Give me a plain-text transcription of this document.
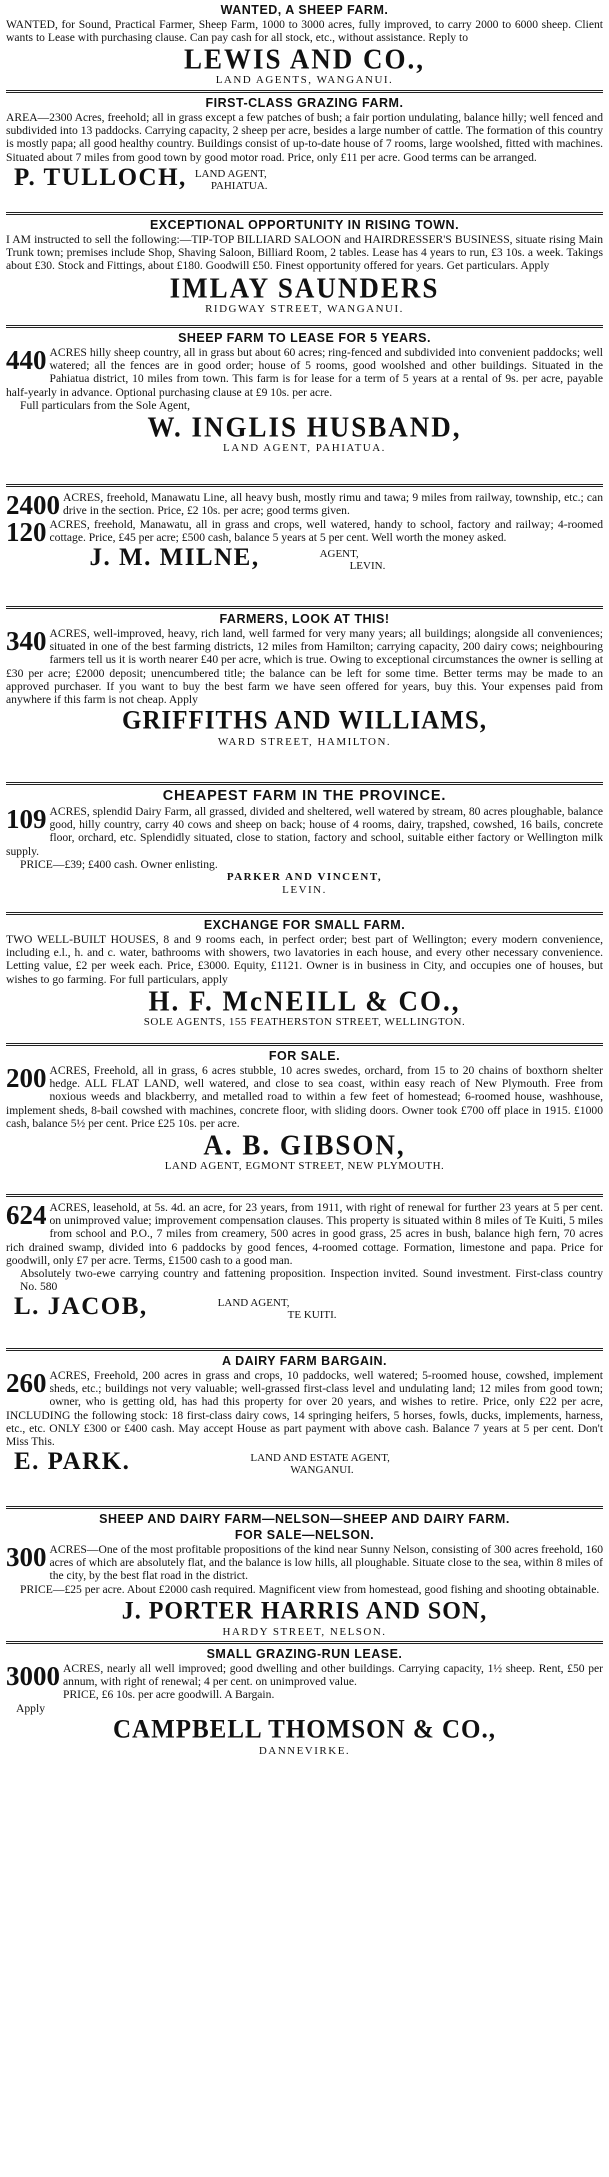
WANTED, A SHEEP FARM.
WANTED, for Sound, Practical Farmer, Sheep Farm, 1000 to 3000 acres, fully improved, to carry 2000 to 6000 sheep. Client wants to Lease with purchasing clause. Can pay cash for all stock, etc., without assistance. Reply to
LEWIS AND CO.,
LAND AGENTS, WANGANUI.
FIRST-CLASS GRAZING FARM.
AREA—2300 Acres, freehold; all in grass except a few patches of bush; a fair portion undulating, balance hilly; well fenced and subdivided into 13 paddocks. Carrying capacity, 2 sheep per acre, besides a large number of cattle. The formation of this country is mostly papa; all good healthy country. Buildings consist of up-to-date house of 7 rooms, large woolshed, fitted with machines. Situated about 7 miles from good town by good motor road. Price, only £11 per acre. Good terms can be arranged.
P. TULLOCH, LAND AGENT,
PAHIATUA.
EXCEPTIONAL OPPORTUNITY IN RISING TOWN.
I AM instructed to sell the following:—TIP-TOP BILLIARD SALOON and HAIRDRESSER'S BUSINESS, situate rising Main Trunk town; premises include Shop, Shaving Saloon, Billiard Room, 2 tables. Lease has 4 years to run, £3 10s. a week. Takings about £30. Stock and Fittings, about £180. Goodwill £50. Finest opportunity offered for years. Get particulars. Apply
IMLAY SAUNDERS
RIDGWAY STREET, WANGANUI.
SHEEP FARM TO LEASE FOR 5 YEARS.
440 ACRES hilly sheep country, all in grass but about 60 acres; ring-fenced and subdivided into convenient paddocks; well watered; all the fences are in good order; house of 5 rooms, good woolshed and other buildings. Situated in the Pahiatua district, 10 miles from town. This farm is for lease for a term of 5 years at a rental of 9s. per acre, payable half-yearly in advance. Optional purchasing clause at £9 10s. per acre.

Full particulars from the Sole Agent,

W. INGLIS HUSBAND,
LAND AGENT, PAHIATUA.
2400 ACRES, freehold, Manawatu Line, all heavy bush, mostly rimu and tawa; 9 miles from railway, township, etc.; can drive in the section. Price, £2 10s. per acre; good terms given.
120 ACRES, freehold, Manawatu, all in grass and crops, well watered, handy to school, factory and railway; 4-roomed cottage. Price, £45 per acre; £500 cash, balance 5 years at 5 per cent. Well worth the money asked.
J. M. MILNE,	AGENT,
LEVIN.
FARMERS, LOOK AT THIS!
340 ACRES, well-improved, heavy, rich land, well farmed for very many years; all buildings; alongside all conveniences; situated in one of the best farming districts, 12 miles from Hamilton; carrying capacity, 200 dairy cows; neighbouring farmers tell us it is worth nearer £40 per acre, which is true. Owing to exceptional circumstances the owner is selling at £30 per acre; £2000 deposit; unencumbered title; the balance can be left for some time. Better terms may be made to an approved purchaser. If you want to buy the best farm we have seen offered for years, buy this. Your expenses paid from anywhere if this farm is not cheap. Apply
GRIFFITHS AND WILLIAMS,
WARD STREET, HAMILTON.
CHEAPEST FARM IN THE PROVINCE.
109 ACRES, splendid Dairy Farm, all grassed, divided and sheltered, well watered by stream, 80 acres ploughable, balance good, hilly country, carry 40 cows and sheep on back; house of 4 rooms, dairy, trapshed, cowshed, 16 bails, concrete floor, orchard, etc. Splendidly situated, close to station, factory and school, suitable either factory or Wellington milk supply.

PRICE—£39; £400 cash. Owner enlisting.

PARKER AND VINCENT,
LEVIN.
EXCHANGE FOR SMALL FARM.
TWO WELL-BUILT HOUSES, 8 and 9 rooms each, in perfect order; best part of Wellington; every modern convenience, including e.l., h. and c. water, bathrooms with showers, two lavatories in each house, and every other necessary convenience. Letting value, £2 per week each. Price, £3000. Equity, £1121. Owner is in business in City, and occupies one of houses, but wishes to go farming. For full particulars, apply
H. F. McNEILL & CO.,
SOLE AGENTS, 155 FEATHERSTON STREET, WELLINGTON.
FOR SALE.
200 ACRES, Freehold, all in grass, 6 acres stubble, 10 acres swedes, orchard, from 15 to 20 chains of boxthorn shelter hedge. ALL FLAT LAND, well watered, and close to sea coast, within easy reach of New Plymouth. Free from noxious weeds and blackberry, and metalled road to within a few feet of homestead; 6-roomed house, washhouse, implement sheds, 8-bail cowshed with machines, concrete floor, with sliding doors. Owner took £700 off place in 1915. £1000 cash, balance 5½ per cent. Price £25 10s. per acre.
A. B. GIBSON,
LAND AGENT, EGMONT STREET, NEW PLYMOUTH.
624 ACRES, leasehold, at 5s. 4d. an acre, for 23 years, from 1911, with right of renewal for further 23 years at 5 per cent. on unimproved value; improvement compensation clauses. This property is situated within 8 miles of Te Kuiti, 5 miles from school and P.O., 7 miles from creamery, 500 acres in good grass, 25 acres in bush, balance high fern, 70 acres rich drained swamp, divided into 6 paddocks by good fences, 4-roomed cottage. Formation, limestone and papa. Price for goodwill, only £7 per acre. Terms, £1500 cash to a good man.

Absolutely two-ewe carrying country and fattening proposition. Inspection invited. Sound investment. First-class country No. 580

L. JACOB,	LAND AGENT,
TE KUITI.
A DAIRY FARM BARGAIN.
260 ACRES, Freehold, 200 acres in grass and crops, 10 paddocks, well watered; 5-roomed house, cowshed, implement sheds, etc.; buildings not very valuable; well-grassed first-class level and undulating land; 12 miles from good town; owner, who is getting old, has had this property for over 20 years, and wishes to retire. Price, only £22 per acre, INCLUDING the following stock: 18 first-class dairy cows, 14 springing heifers, 5 horses, fowls, ducks, implements, harness, etc., etc. ONLY £300 or £400 cash. May accept House as part payment with above cash. Balance 7 years at 5 per cent. Don't Miss This.
E. PARK.	LAND AND ESTATE AGENT,
WANGANUI.
SHEEP AND DAIRY FARM—NELSON—SHEEP AND DAIRY FARM.
FOR SALE—NELSON.
300 ACRES—One of the most profitable propositions of the kind near Sunny Nelson, consisting of 300 acres freehold, 160 acres of which are absolutely flat, and the balance is low hills, all ploughable. Situate close to the sea, within 8 miles of the city, by the best flat road in the district.

PRICE—£25 per acre. About £2000 cash required. Magnificent view from homestead, good fishing and shooting obtainable.

J. PORTER HARRIS AND SON,
HARDY STREET, NELSON.
SMALL GRAZING-RUN LEASE.
3000 ACRES, nearly all well improved; good dwelling and other buildings. Carrying capacity, 1½ sheep. Rent, £50 per annum, with right of renewal; 4 per cent. on unimproved value.

PRICE, £6 10s. per acre goodwill. A Bargain.

Apply

CAMPBELL THOMSON & CO.,
DANNEVIRKE.
